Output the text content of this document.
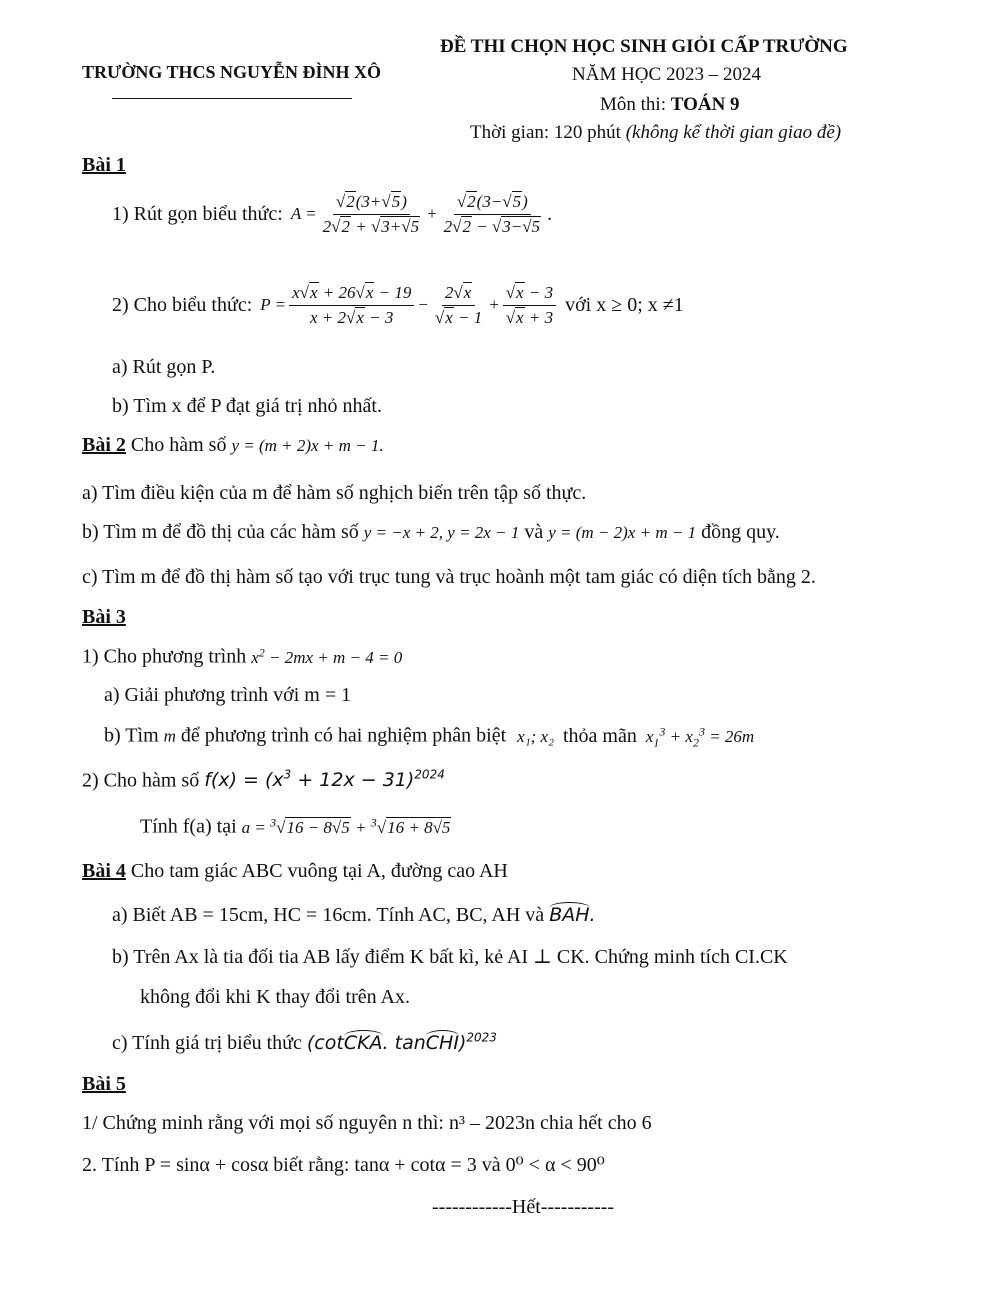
TRƯỜNG THCS NGUYỄN ĐÌNH XÔ
ĐỀ THI CHỌN HỌC SINH GIỎI CẤP TRƯỜNG
NĂM HỌC 2023 – 2024
Môn thi: TOÁN 9
Thời gian: 120 phút (không kể thời gian giao đề)
Bài 1
1) Rút gọn biểu thức: $A = \frac{√2(3+√5)}{2√2 + √3+√5} + \frac{√2(3-√5)}{2√2 - √3-√5}$ .
2) Cho biểu thức: $P = \frac{x√x + 26√x - 19}{x + 2√x - 3} - \frac{2√x}{√x - 1} + \frac{√x - 3}{√x + 3}$ với x ≥ 0; x ≠1
a) Rút gọn P.
b) Tìm x để P đạt giá trị nhỏ nhất.
Bài 2 Cho hàm số y = (m + 2)x + m − 1.
a) Tìm điều kiện của m để hàm số nghịch biến trên tập số thực.
b) Tìm m để đồ thị của các hàm số y = −x + 2, y = 2x − 1 và y = (m − 2)x + m − 1 đồng quy.
c) Tìm m để đồ thị hàm số tạo với trục tung và trục hoành một tam giác có diện tích bằng 2.
Bài 3
1) Cho phương trình $x^2 - 2mx + m - 4 = 0$
a) Giải phương trình với m = 1
b) Tìm m để phương trình có hai nghiệm phân biệt x₁; x₂ thỏa mãn $x_1^3 + x_2^3 = 26m$
2) Cho hàm số $f(x) = (x^3 + 12x - 31)^{2024}$
Tính f(a) tại a = $^3$√16 − 8√5 + $^3$√16 + 8√5
Bài 4 Cho tam giác ABC vuông tại A, đường cao AH
a) Biết AB = 15cm, HC = 16cm. Tính AC, BC, AH và BAH.
b) Trên Ax là tia đối tia AB lấy điểm K bất kì, kẻ AI ⊥ CK. Chứng minh tích CI.CK
không đổi khi K thay đổi trên Ax.
c) Tính giá trị biểu thức (cotCKA. tanCHI)$^{2023}$
Bài 5
1/ Chứng minh rằng với mọi số nguyên n thì: n³ – 2023n chia hết cho 6
2. Tính P = sinα + cosα biết rằng: tanα + cotα = 3 và 0⁰ < α < 90⁰
------------Hết-----------
